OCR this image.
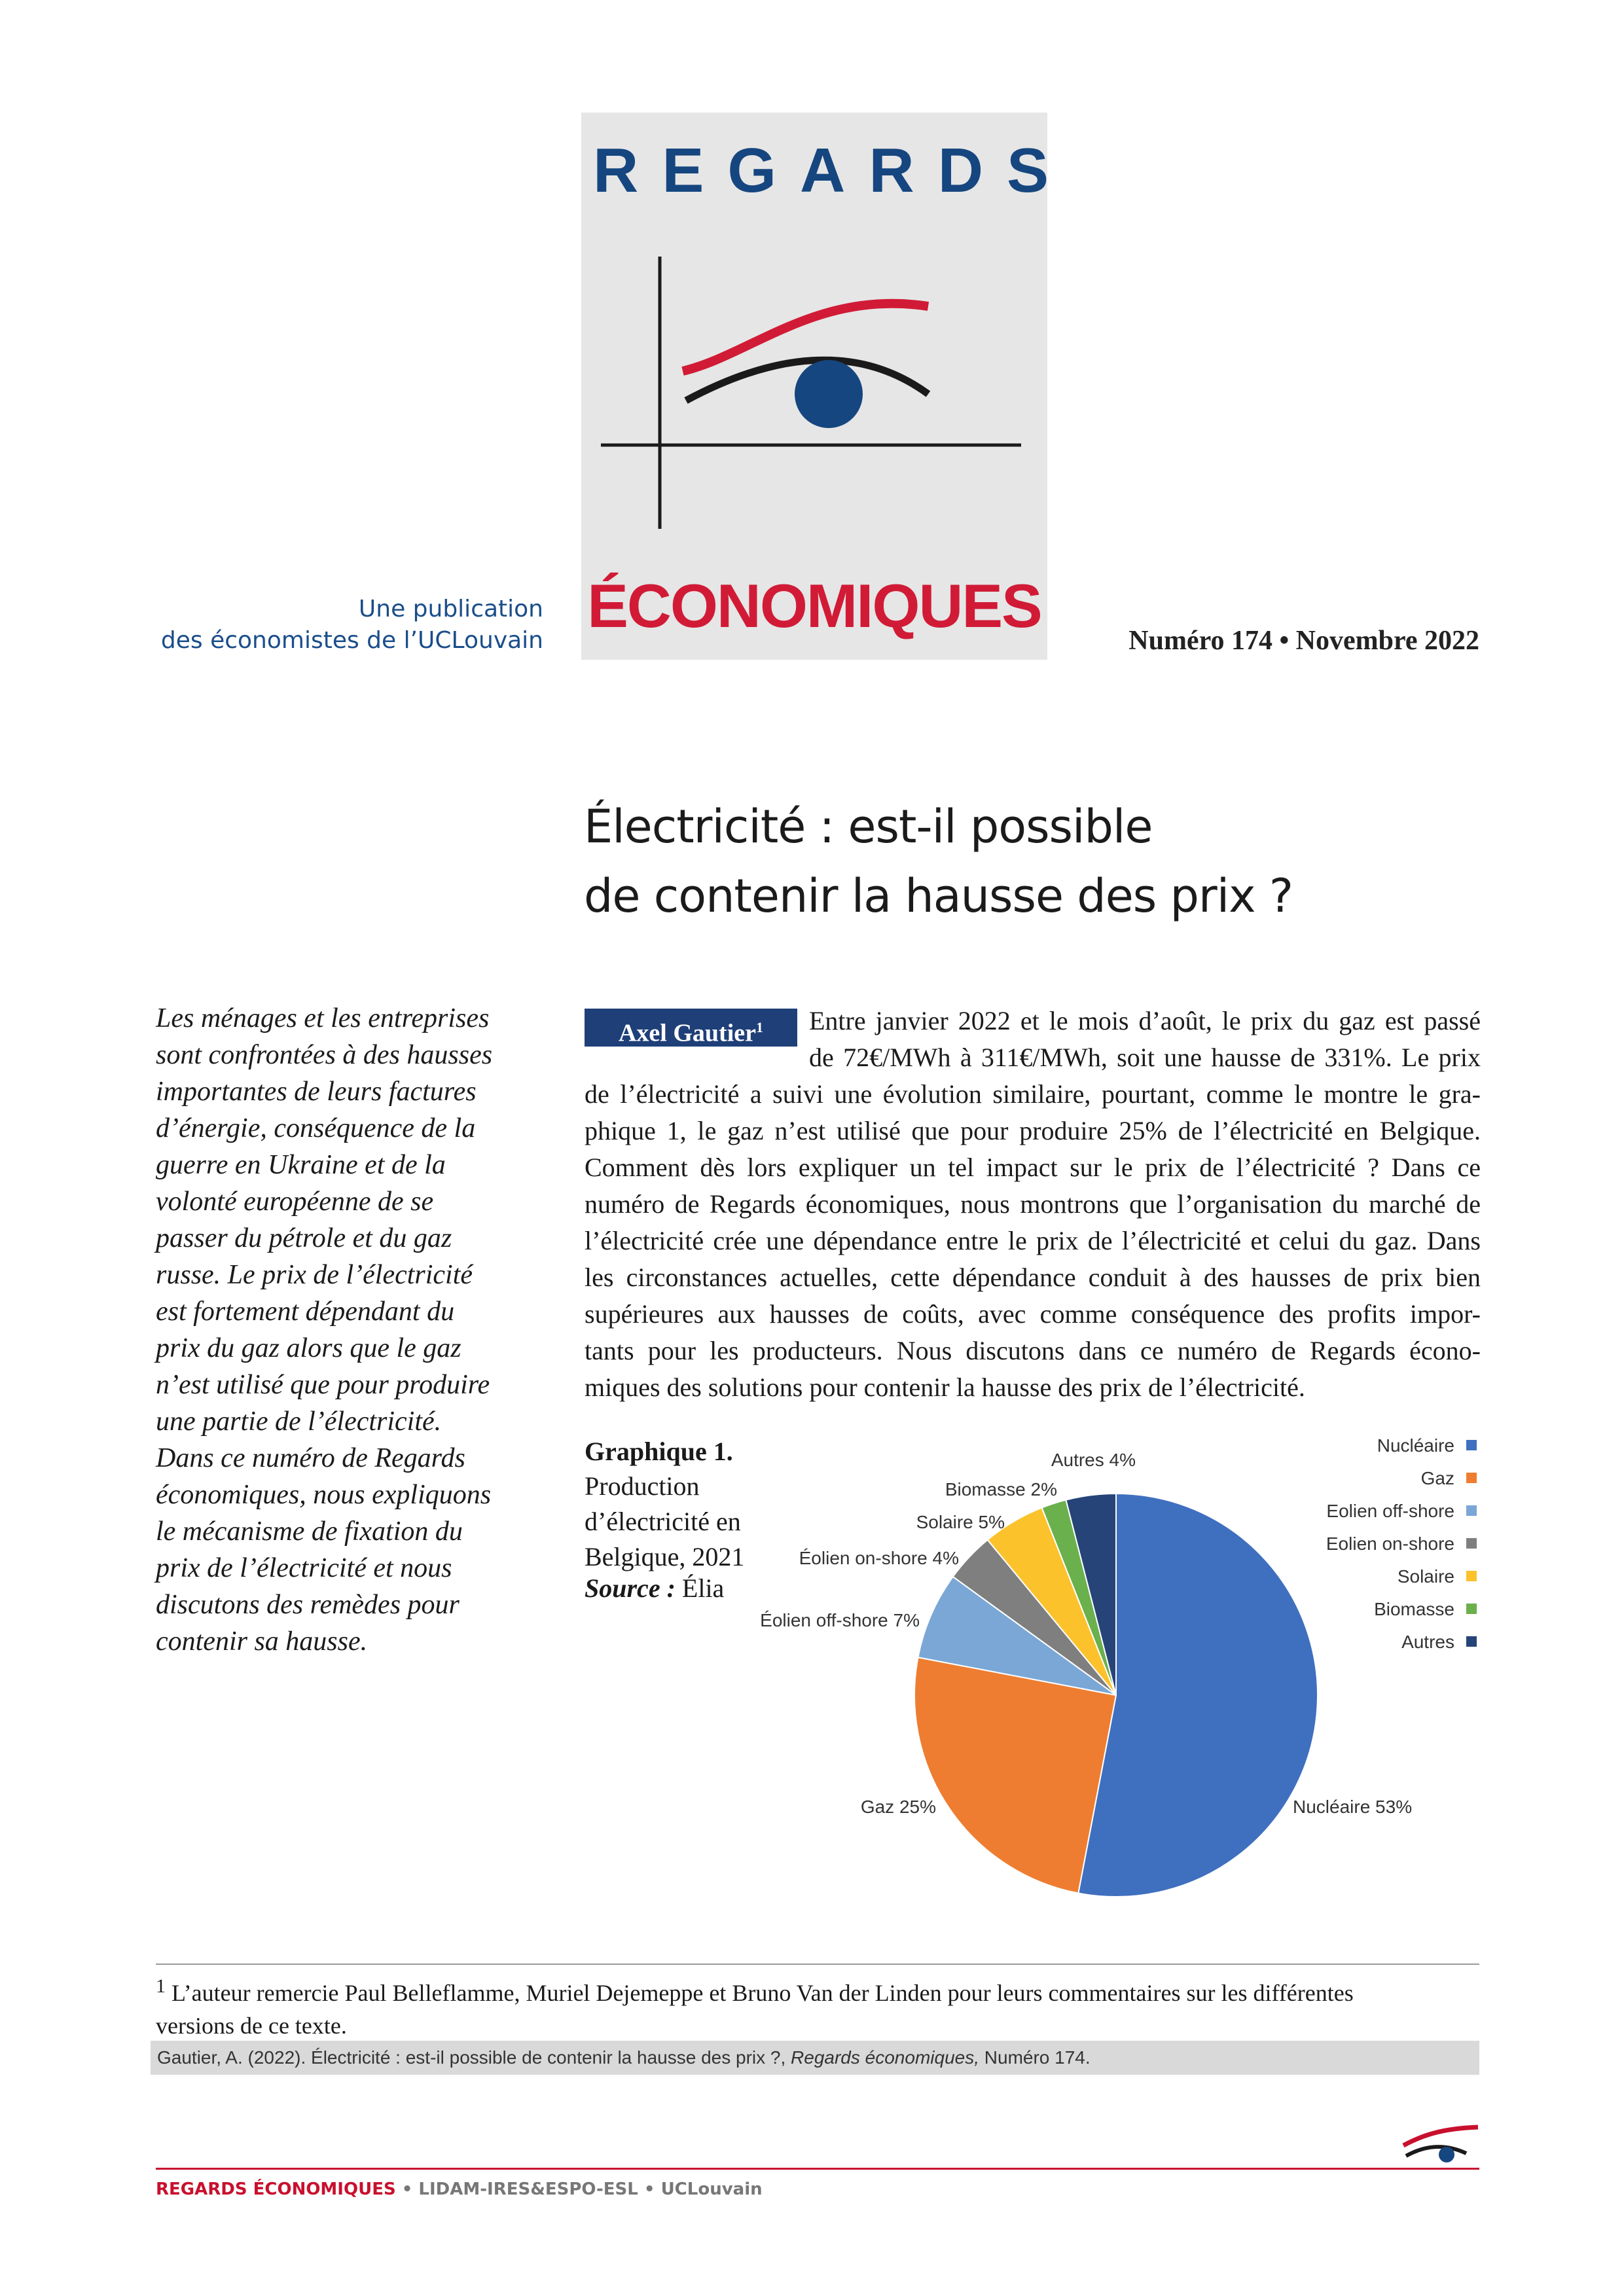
REGARDS
ÉCONOMIQUES
Une publication
des économistes de l’UCLouvain	Numéro 174 • Novembre 2022
Électricité : est-il possible
de contenir la hausse des prix ?
Les ménages et les entreprises
sont confrontées à des hausses
importantes de leurs factures
d’énergie, conséquence de la
guerre en Ukraine et de la
volonté européenne de se
passer du pétrole et du gaz
russe. Le prix de l’électricité
est fortement dépendant du
prix du gaz alors que le gaz
n’est utilisé que pour produire
une partie de l’électricité.
Dans ce numéro de Regards
économiques, nous expliquons
le mécanisme de fixation du
prix de l’électricité et nous
discutons des remèdes pour
contenir sa hausse.
Axel Gautier$^1$	Entre janvier 2022 et le mois d’août, le prix du gaz est passé
de 72€/MWh à 311€/MWh, soit une hausse de 331%. Le prix
de l’électricité a suivi une évolution similaire, pourtant, comme le montre le gra-
phique 1, le gaz n’est utilisé que pour produire 25% de l’électricité en Belgique.
Comment dès lors expliquer un tel impact sur le prix de l’électricité ? Dans ce
numéro de Regards économiques, nous montrons que l’organisation du marché de
l’électricité crée une dépendance entre le prix de l’électricité et celui du gaz. Dans
les circonstances actuelles, cette dépendance conduit à des hausses de prix bien
supérieures aux hausses de coûts, avec comme conséquence des profits impor-
tants pour les producteurs. Nous discutons dans ce numéro de Regards écono-
miques des solutions pour contenir la hausse des prix de l’électricité.
Graphique 1.
Production
d’électricité en
Belgique, 2021
Source : Élia
Nucléaire 53%
Nucléaire
Gaz 25%
Gaz
Éolien off-shore 7%
Eolien off-shore
Éolien on-shore 4%
Eolien on-shore
Solaire 5%
Solaire
Biomasse 2%
Biomasse
Autres 4%
Autres
$^1$ L’auteur remercie Paul Belleflamme, Muriel Dejemeppe et Bruno Van der Linden pour leurs commentaires sur les différentes
versions de ce texte.
Gautier, A. (2022). Électricité : est-il possible de contenir la hausse des prix ?, Regards économiques, Numéro 174.
REGARDS ÉCONOMIQUES • LIDAM-IRES&ESPO-ESL • UCLouvain
